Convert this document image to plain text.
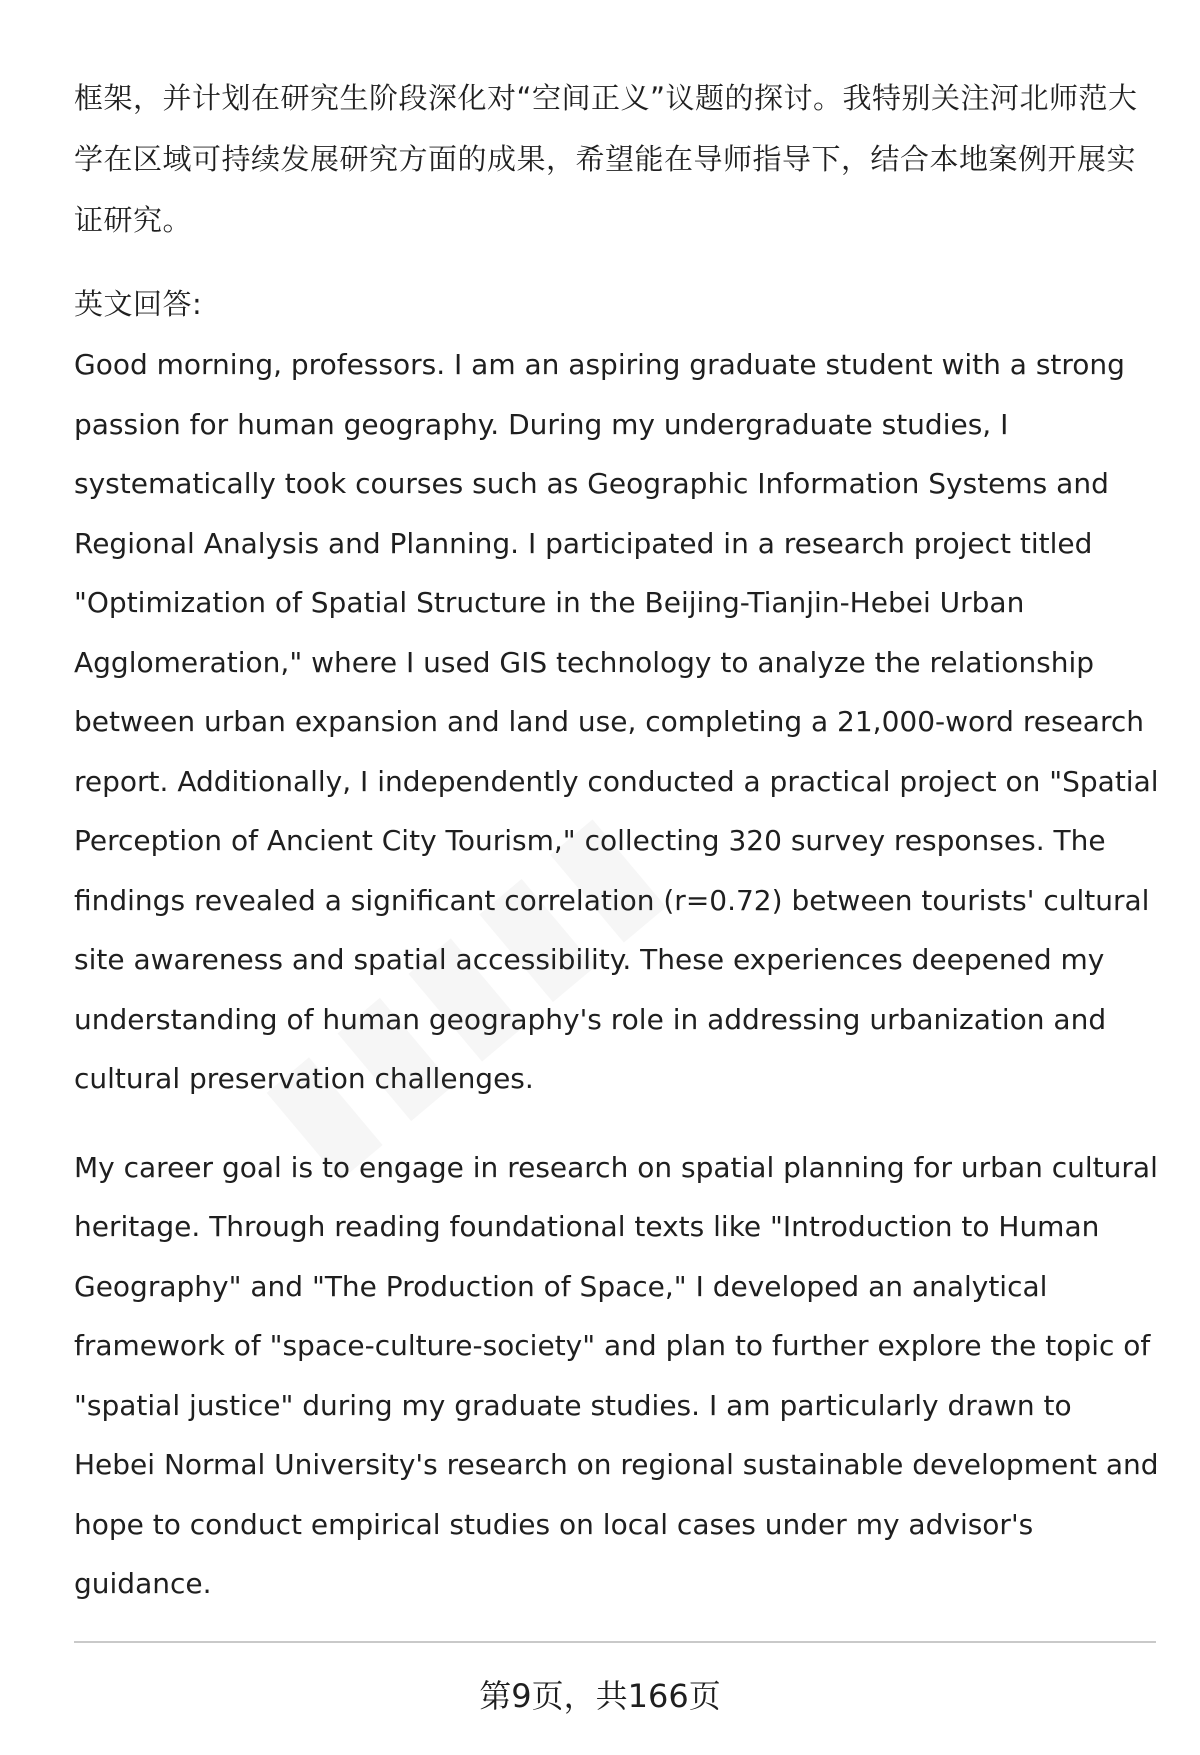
框架，并计划在研究生阶段深化对“空间正义”议题的探讨。我特别关注河北师范大学在区域可持续发展研究方面的成果，希望能在导师指导下，结合本地案例开展实证研究。

英文回答:

Good morning, professors. I am an aspiring graduate student with a strong passion for human geography. During my undergraduate studies, I systematically took courses such as Geographic Information Systems and Regional Analysis and Planning. I participated in a research project titled "Optimization of Spatial Structure in the Beijing-Tianjin-Hebei Urban Agglomeration," where I used GIS technology to analyze the relationship between urban expansion and land use, completing a 21,000-word research report. Additionally, I independently conducted a practical project on "Spatial Perception of Ancient City Tourism," collecting 320 survey responses. The findings revealed a significant correlation (r=0.72) between tourists' cultural site awareness and spatial accessibility. These experiences deepened my understanding of human geography's role in addressing urbanization and cultural preservation challenges.

My career goal is to engage in research on spatial planning for urban cultural heritage. Through reading foundational texts like "Introduction to Human Geography" and "The Production of Space," I developed an analytical framework of "space-culture-society" and plan to further explore the topic of "spatial justice" during my graduate studies. I am particularly drawn to Hebei Normal University's research on regional sustainable development and hope to conduct empirical studies on local cases under my advisor's guidance.

第9页，共166页
